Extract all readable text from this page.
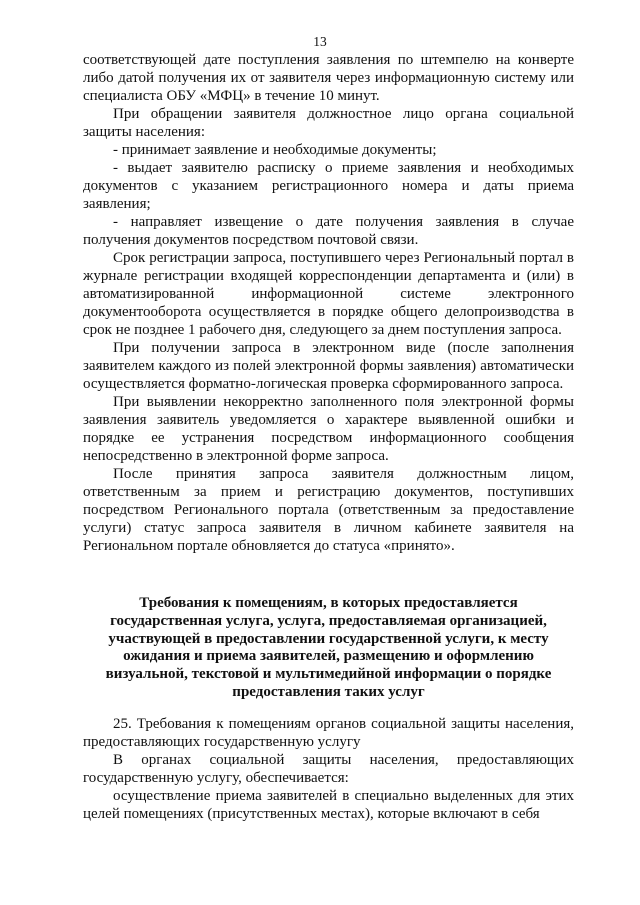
13

соответствующей дате поступления заявления по штемпелю на конверте либо датой получения их от заявителя через информационную систему или специалиста ОБУ «МФЦ» в течение 10 минут.

При обращении заявителя должностное лицо органа социальной защиты населения:

- принимает заявление и необходимые документы;

- выдает заявителю расписку о приеме заявления и необходимых документов с указанием регистрационного номера и даты приема заявления;

- направляет извещение о дате получения заявления в случае получения документов посредством почтовой связи.

Срок регистрации запроса, поступившего через Региональный портал в журнале регистрации входящей корреспонденции департамента и (или) в автоматизированной информационной системе электронного документооборота осуществляется в порядке общего делопроизводства в срок не позднее 1 рабочего дня, следующего за днем поступления запроса.

При получении запроса в электронном виде (после заполнения заявителем каждого из полей электронной формы заявления) автоматически осуществляется форматно-логическая проверка сформированного запроса.

При выявлении некорректно заполненного поля электронной формы заявления заявитель уведомляется о характере выявленной ошибки и порядке ее устранения посредством информационного сообщения непосредственно в электронной форме запроса.

После принятия запроса заявителя должностным лицом, ответственным за прием и регистрацию документов, поступивших посредством Регионального портала (ответственным за предоставление услуги) статус запроса заявителя в личном кабинете заявителя на Региональном портале обновляется до статуса «принято».

Требования к помещениям, в которых предоставляется государственная услуга, услуга, предоставляемая организацией, участвующей в предоставлении государственной услуги, к месту ожидания и приема заявителей, размещению и оформлению визуальной, текстовой и мультимедийной информации о порядке предоставления таких услуг

25. Требования к помещениям органов социальной защиты населения, предоставляющих государственную услугу

В органах социальной защиты населения, предоставляющих государственную услугу, обеспечивается:

осуществление приема заявителей в специально выделенных для этих целей помещениях (присутственных местах), которые включают в себя
